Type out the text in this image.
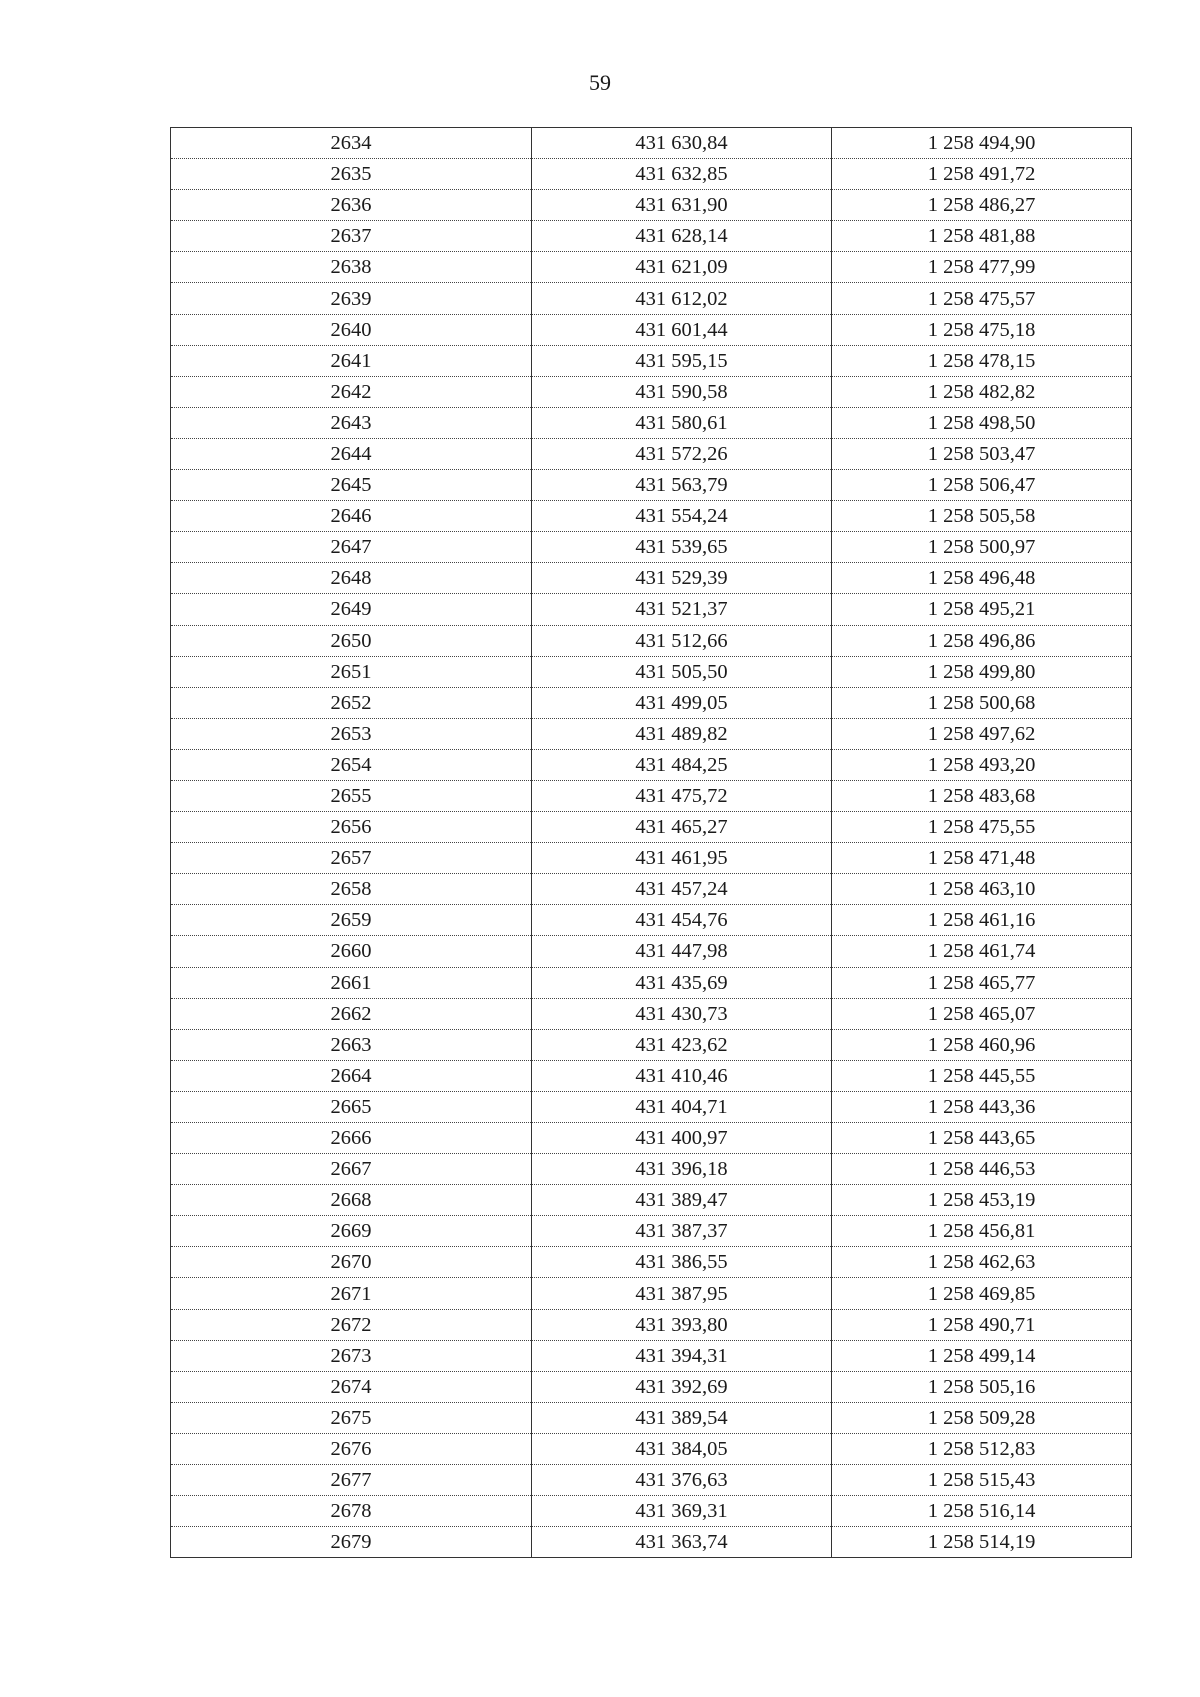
59
2634	431 630,84	1 258 494,90
2635	431 632,85	1 258 491,72
2636	431 631,90	1 258 486,27
2637	431 628,14	1 258 481,88
2638	431 621,09	1 258 477,99
2639	431 612,02	1 258 475,57
2640	431 601,44	1 258 475,18
2641	431 595,15	1 258 478,15
2642	431 590,58	1 258 482,82
2643	431 580,61	1 258 498,50
2644	431 572,26	1 258 503,47
2645	431 563,79	1 258 506,47
2646	431 554,24	1 258 505,58
2647	431 539,65	1 258 500,97
2648	431 529,39	1 258 496,48
2649	431 521,37	1 258 495,21
2650	431 512,66	1 258 496,86
2651	431 505,50	1 258 499,80
2652	431 499,05	1 258 500,68
2653	431 489,82	1 258 497,62
2654	431 484,25	1 258 493,20
2655	431 475,72	1 258 483,68
2656	431 465,27	1 258 475,55
2657	431 461,95	1 258 471,48
2658	431 457,24	1 258 463,10
2659	431 454,76	1 258 461,16
2660	431 447,98	1 258 461,74
2661	431 435,69	1 258 465,77
2662	431 430,73	1 258 465,07
2663	431 423,62	1 258 460,96
2664	431 410,46	1 258 445,55
2665	431 404,71	1 258 443,36
2666	431 400,97	1 258 443,65
2667	431 396,18	1 258 446,53
2668	431 389,47	1 258 453,19
2669	431 387,37	1 258 456,81
2670	431 386,55	1 258 462,63
2671	431 387,95	1 258 469,85
2672	431 393,80	1 258 490,71
2673	431 394,31	1 258 499,14
2674	431 392,69	1 258 505,16
2675	431 389,54	1 258 509,28
2676	431 384,05	1 258 512,83
2677	431 376,63	1 258 515,43
2678	431 369,31	1 258 516,14
2679	431 363,74	1 258 514,19
